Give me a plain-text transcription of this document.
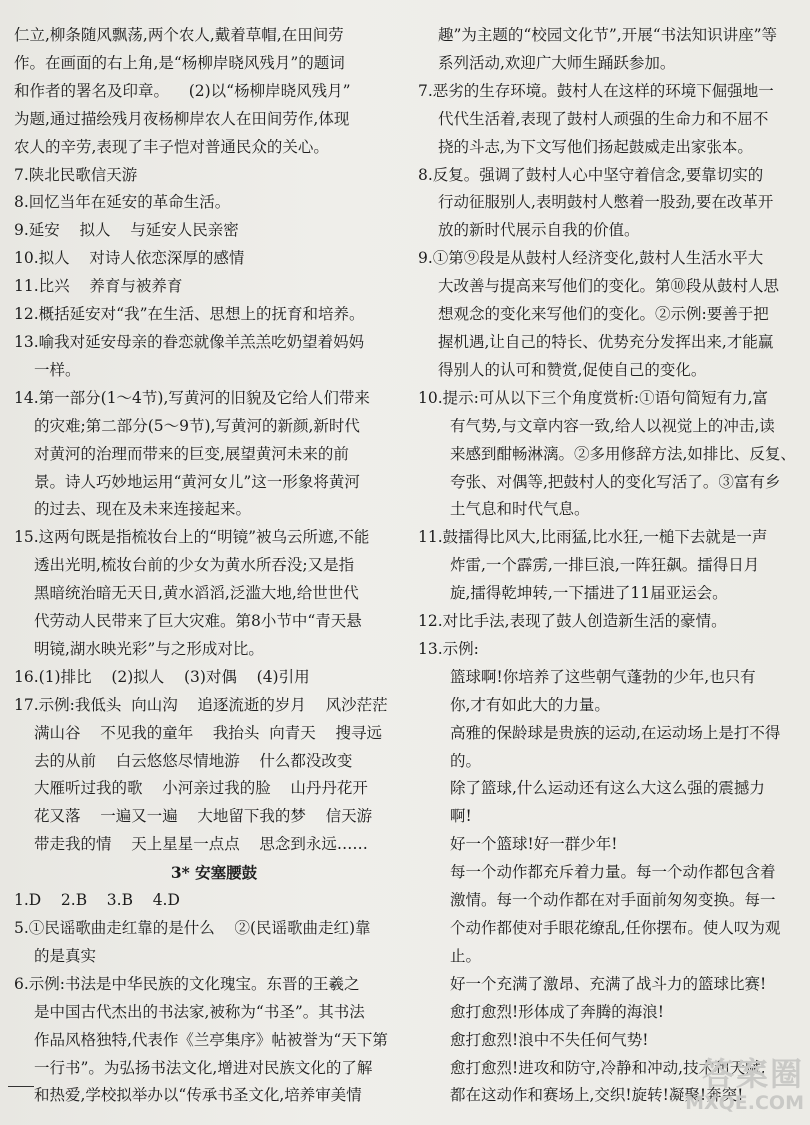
仁立,柳条随风飘荡,两个农人,戴着草帽,在田间劳

作。在画面的右上角,是“杨柳岸晓风残月”的题词

和作者的署名及印章。    (2)以“杨柳岸晓风残月”

为题,通过描绘残月夜杨柳岸农人在田间劳作,体现

农人的辛劳,表现了丰子恺对普通民众的关心。

7.陕北民歌信天游

8.回忆当年在延安的革命生活。

9.延安    拟人    与延安人民亲密

10.拟人    对诗人依恋深厚的感情

11.比兴    养育与被养育

12.概括延安对“我”在生活、思想上的抚育和培养。

13.喻我对延安母亲的眷恋就像羊羔羔吃奶望着妈妈

一样。

14.第一部分(1～4节),写黄河的旧貌及它给人们带来

的灾难;第二部分(5～9节),写黄河的新颜,新时代

对黄河的治理而带来的巨变,展望黄河未来的前

景。诗人巧妙地运用“黄河女儿”这一形象将黄河

的过去、现在及未来连接起来。

15.这两句既是指梳妆台上的“明镜”被乌云所遮,不能

透出光明,梳妆台前的少女为黄水所吞没;又是指

黑暗统治暗无天日,黄水滔滔,泛滥大地,给世世代

代劳动人民带来了巨大灾难。第8小节中“青天悬

明镜,湖水映光彩”与之形成对比。

16.(1)排比    (2)拟人    (3)对偶    (4)引用

17.示例:我低头  向山沟    追逐流逝的岁月    风沙茫茫

满山谷    不见我的童年    我抬头  向青天    搜寻远

去的从前    白云悠悠尽情地游    什么都没改变

大雁听过我的歌    小河亲过我的脸    山丹丹花开

花又落    一遍又一遍    大地留下我的梦    信天游

带走我的情    天上星星一点点    思念到永远……

3* 安塞腰鼓

1.D    2.B    3.B    4.D

5.①民谣歌曲走红靠的是什么    ②(民谣歌曲走红)靠

的是真实

6.示例:书法是中华民族的文化瑰宝。东晋的王羲之

是中国古代杰出的书法家,被称为“书圣”。其书法

作品风格独特,代表作《兰亭集序》帖被誉为“天下第

一行书”。为弘扬书法文化,增进对民族文化的了解

和热爱,学校拟举办以“传承书圣文化,培养审美情

趣”为主题的“校园文化节”,开展“书法知识讲座”等

系列活动,欢迎广大师生踊跃参加。

7.恶劣的生存环境。鼓村人在这样的环境下倔强地一

代代生活着,表现了鼓村人顽强的生命力和不屈不

挠的斗志,为下文写他们扬起鼓威走出家张本。

8.反复。强调了鼓村人心中坚守着信念,要靠切实的

行动征服别人,表明鼓村人憋着一股劲,要在改革开

放的新时代展示自我的价值。

9.①第⑨段是从鼓村人经济变化,鼓村人生活水平大

大改善与提高来写他们的变化。第⑩段从鼓村人思

想观念的变化来写他们的变化。②示例:要善于把

握机遇,让自己的特长、优势充分发挥出来,才能赢

得别人的认可和赞赏,促使自己的变化。

10.提示:可从以下三个角度赏析:①语句简短有力,富

有气势,与文章内容一致,给人以视觉上的冲击,读

来感到酣畅淋漓。②多用修辞方法,如排比、反复、

夸张、对偶等,把鼓村人的变化写活了。③富有乡

土气息和时代气息。

11.鼓擂得比风大,比雨猛,比水狂,一槌下去就是一声

炸雷,一个霹雳,一排巨浪,一阵狂飙。擂得日月

旋,擂得乾坤转,一下擂进了11届亚运会。

12.对比手法,表现了鼓人创造新生活的豪情。

13.示例:

篮球啊!你培养了这些朝气蓬勃的少年,也只有

你,才有如此大的力量。

高雅的保龄球是贵族的运动,在运动场上是打不得

的。

除了篮球,什么运动还有这么大这么强的震撼力

啊!

好一个篮球!好一群少年!

每一个动作都充斥着力量。每一个动作都包含着

激情。每一个动作都在对手面前匆匆变换。每一

个动作都使对手眼花缭乱,任你摆布。使人叹为观

止。

好一个充满了激昂、充满了战斗力的篮球比赛!

愈打愈烈!形体成了奔腾的海浪!

愈打愈烈!浪中不失任何气势!

愈打愈烈!进攻和防守,冷静和冲动,技术和天赋,

都在这动作和赛场上,交织!旋转!凝聚!奔突!

答案圈
MXQE.COM
